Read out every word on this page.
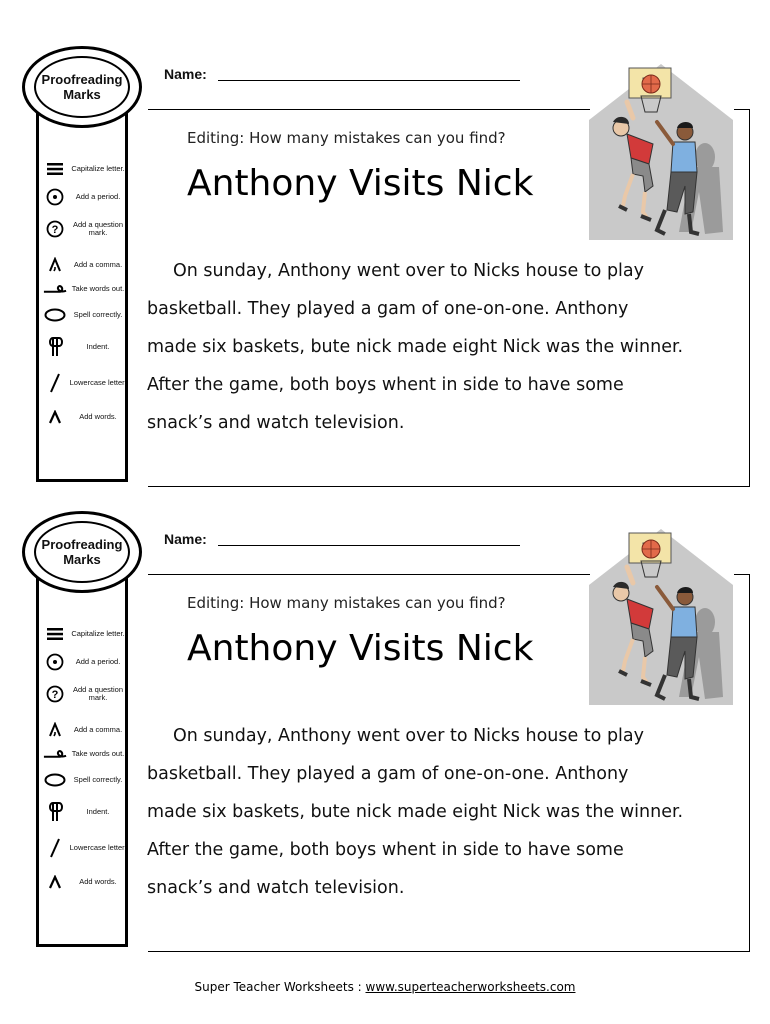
Capitalize letter.
Add a period.
?	Add a question mark.
Add a comma.
Take words out.
Spell correctly.
Indent.
Lowercase letter.
Add words.
Proofreading
Marks
Name:
Editing: How many mistakes can you find?
Anthony Visits Nick

On sunday, Anthony went over to Nicks house to play
basketball. They played a gam of one-on-one. Anthony
made six baskets, bute nick made eight Nick was the winner.
After the game, both boys whent in side to have some
snack’s and watch television.

Capitalize letter.
Add a period.
?	Add a question mark.
Add a comma.
Take words out.
Spell correctly.
Indent.
Lowercase letter.
Add words.
Proofreading
Marks
Name:
Editing: How many mistakes can you find?
Anthony Visits Nick

On sunday, Anthony went over to Nicks house to play
basketball. They played a gam of one-on-one. Anthony
made six baskets, bute nick made eight Nick was the winner.
After the game, both boys whent in side to have some
snack’s and watch television.

Super Teacher Worksheets : www.superteacherworksheets.com
